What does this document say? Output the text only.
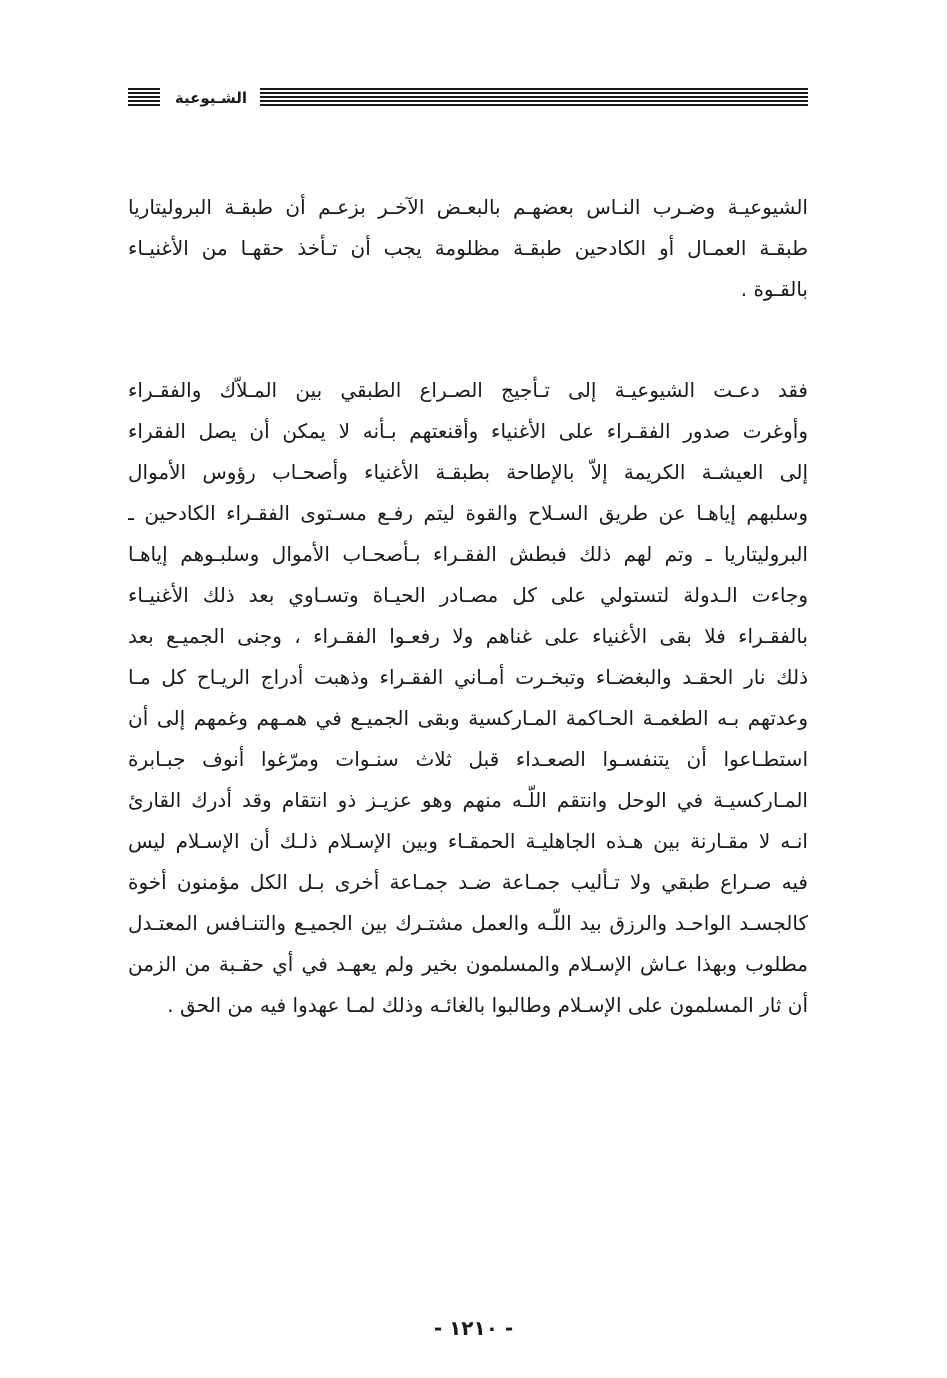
الشـيوعية
الشيوعيـة وضـرب النـاس بعضهـم بالبعـض الآخـر بزعـم أن طبقـة البروليتاريا
طبقـة العمـال أو الكادحين طبقـة مظلومة يجب أن تـأخذ حقهـا من الأغنيـاء
بالقـوة .
فقد دعـت الشيوعيـة إلى تـأجيج الصـراع الطبقي بين المـلاّك والفقـراء
وأوغرت صدور الفقـراء على الأغنياء وأقنعتهم بـأنه لا يمكن أن يصل الفقراء
إلى العيشـة الكريمة إلاّ بالإطاحة بطبقـة الأغنياء وأصحـاب رؤوس الأموال
وسلبهم إياهـا عن طريق السـلاح والقوة ليتم رفـع مسـتوى الفقـراء الكادحين ـ
البروليتاريا ـ وتم لهم ذلك فبطش الفقـراء بـأصحـاب الأموال وسلبـوهم إياهـا
وجاءت الـدولة لتستولي على كل مصـادر الحيـاة وتسـاوي بعد ذلك الأغنيـاء
بالفقـراء فلا بقى الأغنياء على غناهم ولا رفعـوا الفقـراء ، وجنى الجميـع بعد
ذلك نار الحقـد والبغضـاء وتبخـرت أمـاني الفقـراء وذهبت أدراج الريـاح كل مـا
وعدتهم بـه الطغمـة الحـاكمة المـاركسية وبقى الجميـع في همـهم وغمهم إلى أن
استطـاعوا أن يتنفسـوا الصعـداء قبل ثلاث سنـوات ومرّغوا أنوف جبـابرة
المـاركسيـة في الوحل وانتقم اللّـه منهم وهو عزيـز ذو انتقام وقد أدرك القارئ
انـه لا مقـارنة بين هـذه الجاهليـة الحمقـاء وبين الإسـلام ذلـك أن الإسـلام ليس
فيه صـراع طبقي ولا تـأليب جمـاعة ضـد جمـاعة أخرى بـل الكل مؤمنون أخوة
كالجسـد الواحـد والرزق بيد اللّـه والعمل مشتـرك بين الجميـع والتنـافس المعتـدل
مطلوب وبهذا عـاش الإسـلام والمسلمون بخير ولم يعهـد في أي حقـبة من الزمن
أن ثار المسلمون على الإسـلام وطالبوا بالغائـه وذلك لمـا عهدوا فيه من الحق .
- ١٢١٠ -
